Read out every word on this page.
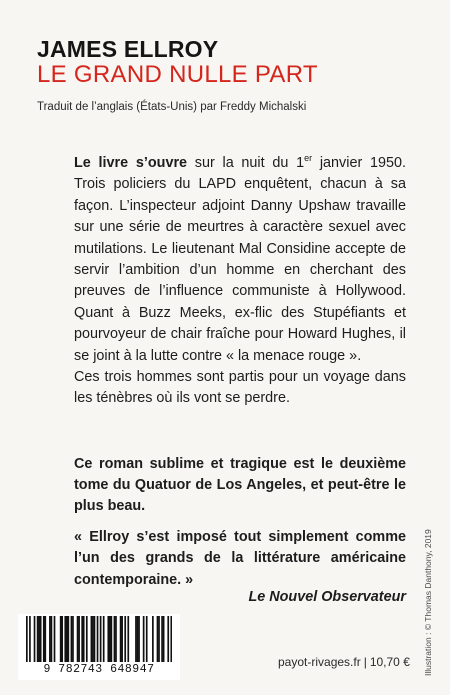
JAMES ELLROY
LE GRAND NULLE PART
Traduit de l’anglais (États-Unis) par Freddy Michalski

Le livre s’ouvre sur la nuit du 1er janvier 1950. Trois policiers du LAPD enquêtent, chacun à sa façon. L’inspecteur adjoint Danny Upshaw travaille sur une série de meurtres à caractère sexuel avec mutilations. Le lieutenant Mal Considine accepte de servir l’ambition d’un homme en cherchant des preuves de l’influence communiste à Hollywood. Quant à Buzz Meeks, ex-flic des Stupéfiants et pourvoyeur de chair fraîche pour Howard Hughes, il se joint à la lutte contre « la menace rouge ».

Ces trois hommes sont partis pour un voyage dans les ténèbres où ils vont se perdre.

Ce roman sublime et tragique est le deuxième tome du Quatuor de Los Angeles, et peut-être le plus beau.

« Ellroy s’est imposé tout simplement comme l’un des grands de la littérature américaine contemporaine. »

Le Nouvel Observateur Illustration : © Thomas Danthony, 2019
9 782743 648947
payot-rivages.fr | 10,70 €
